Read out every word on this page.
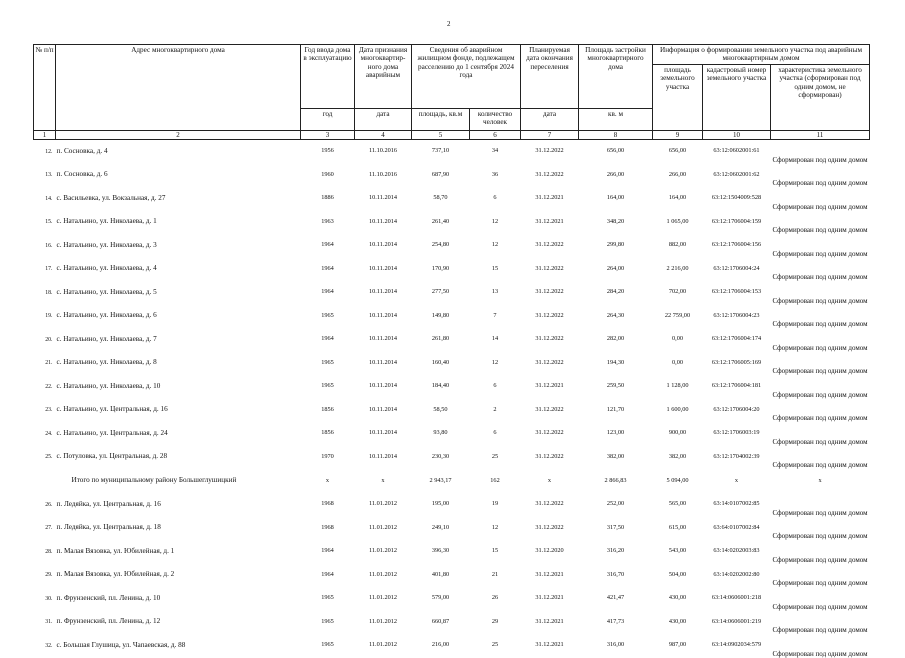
2
№ п/п	Адрес многоквартирного дома	Год ввода дома в эксплуатацию	Дата признания многоквартир-ного дома аварийным	Сведения об аварийном жилищном фонде, подлежащем расселению до 1 сентября 2024 года		Планируемая дата окончания переселения	Площадь застройки многоквартирного дома	Информация о формировании земельного участка под аварийным многоквартирным домом		
								площадь земельного участка	кадастровый номер земельного участка	характеристика земельного участка (сформирован под одним домом, не сформирован)
		год	дата	площадь, кв.м	количество человек	дата	кв. м			
1	2	3	4	5	6	7	8	9	10	11
12.	п. Сосновка, д. 4	1956	11.10.2016	737,10	34	31.12.2022	656,00	656,00	63:12:0602001:61	Сформирован под одним домом
13.	п. Сосновка, д. 6	1960	11.10.2016	687,90	36	31.12.2022	266,00	266,00	63:12:0602001:62	Сформирован под одним домом
14.	с. Васильевка, ул. Вокзальная, д. 27	1886	10.11.2014	58,70	6	31.12.2021	164,00	164,00	63:12:1504009:528	Сформирован под одним домом
15.	с. Натальино, ул. Николаева, д. 1	1963	10.11.2014	261,40	12	31.12.2021	348,20	1 065,00	63:12:1706004:159	Сформирован под одним домом
16.	с. Натальино, ул. Николаева, д. 3	1964	10.11.2014	254,80	12	31.12.2022	299,80	882,00	63:12:1706004:156	Сформирован под одним домом
17.	с. Натальино, ул. Николаева, д. 4	1964	10.11.2014	170,90	15	31.12.2022	264,00	2 216,00	63:12:1706004:24	Сформирован под одним домом
18.	с. Натальино, ул. Николаева, д. 5	1964	10.11.2014	277,50	13	31.12.2022	284,20	702,00	63:12:1706004:153	Сформирован под одним домом
19.	с. Натальино, ул. Николаева, д. 6	1965	10.11.2014	149,80	7	31.12.2022	264,30	22 759,00	63:12:1706004:23	Сформирован под одним домом
20.	с. Натальино, ул. Николаева, д. 7	1964	10.11.2014	261,80	14	31.12.2022	282,00	0,00	63:12:1706004:174	Сформирован под одним домом
21.	с. Натальино, ул. Николаева, д. 8	1965	10.11.2014	160,40	12	31.12.2022	194,30	0,00	63:12:1706005:169	Сформирован под одним домом
22.	с. Натальино, ул. Николаева, д. 10	1965	10.11.2014	184,40	6	31.12.2021	259,50	1 128,00	63:12:1706004:181	Сформирован под одним домом
23.	с. Натальино, ул. Центральная, д. 16	1856	10.11.2014	58,50	2	31.12.2022	121,70	1 600,00	63:12:1706004:20	Сформирован под одним домом
24.	с. Натальино, ул. Центральная, д. 24	1856	10.11.2014	93,80	6	31.12.2022	123,00	900,00	63:12:1706003:19	Сформирован под одним домом
25.	с. Потуловка, ул. Центральная, д. 28	1970	10.11.2014	230,30	25	31.12.2022	382,00	382,00	63:12:1704002:39	Сформирован под одним домом
Итого по муниципальному району Большеглушицкий		x	x	2 943,17	162	x	2 866,83	5 094,00	x	x
26.	п. Ледяйка, ул. Центральная, д. 16	1968	11.01.2012	195,00	19	31.12.2022	252,00	565,00	63:14:0107002:85	Сформирован под одним домом
27.	п. Ледяйка, ул. Центральная, д. 18	1968	11.01.2012	249,10	12	31.12.2022	317,50	615,00	63:64:0107002:84	Сформирован под одним домом
28.	п. Малая Вязовка, ул. Юбилейная, д. 1	1964	11.01.2012	396,30	15	31.12.2020	316,20	543,00	63:14:0202003:83	Сформирован под одним домом
29.	п. Малая Вязовка, ул. Юбилейная, д. 2	1964	11.01.2012	401,80	21	31.12.2021	316,70	504,00	63:14:0202002:80	Сформирован под одним домом
30.	п. Фрунзенский, пл. Ленина, д. 10	1965	11.01.2012	579,00	26	31.12.2021	421,47	430,00	63:14:0606001:218	Сформирован под одним домом
31.	п. Фрунзенский, пл. Ленина, д. 12	1965	11.01.2012	660,87	29	31.12.2021	417,73	430,00	63:14:0606001:219	Сформирован под одним домом
32.	с. Большая Глушица, ул. Чапаевская, д. 88	1965	11.01.2012	216,00	25	31.12.2021	316,00	987,00	63:14:0902034:579	Сформирован под одним домом
